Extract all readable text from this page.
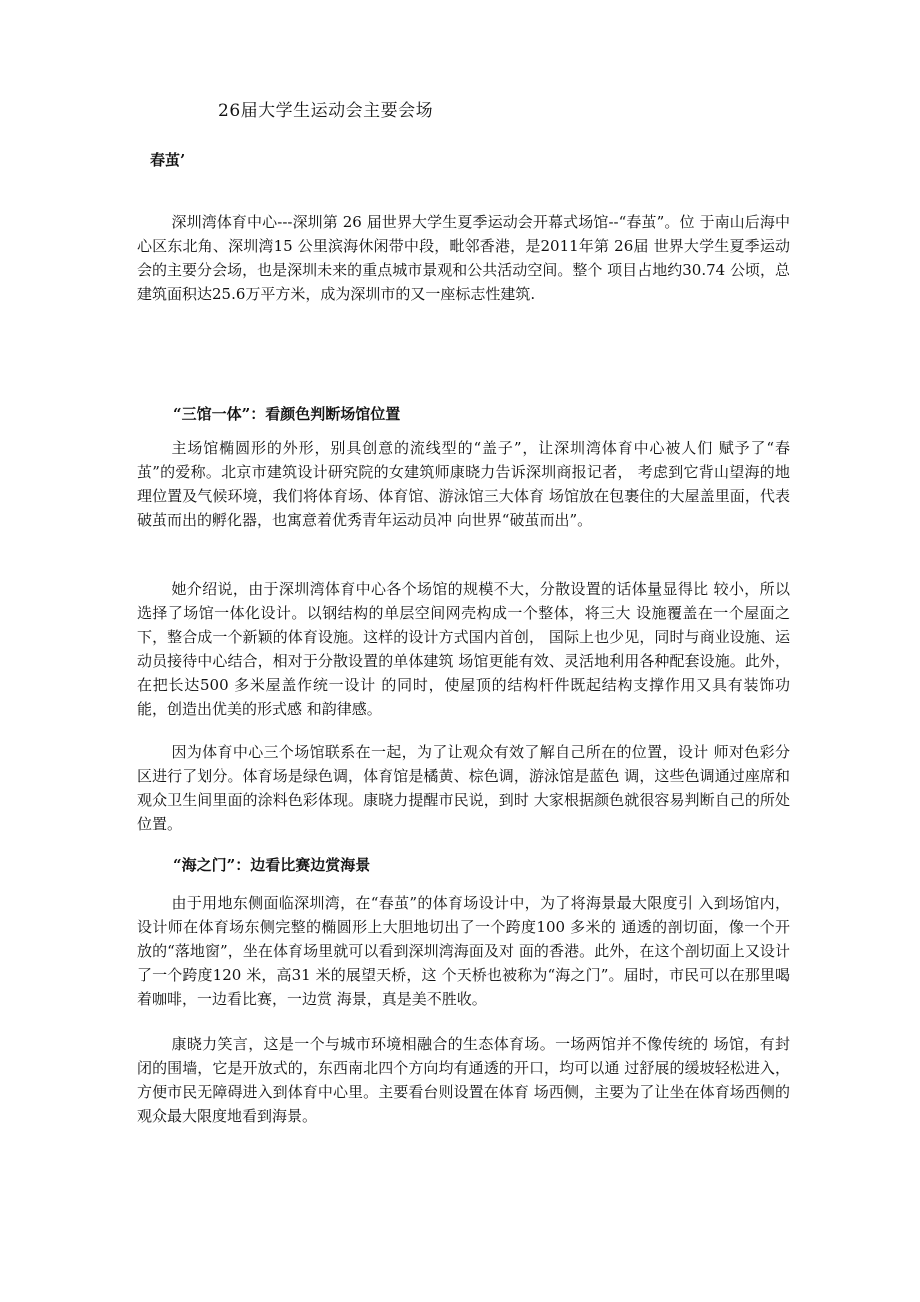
26届大学生运动会主要会场
春茧’

深圳湾体育中心---深圳第 26 届世界大学生夏季运动会开幕式场馆--“春茧”。位 于南山后海中心区东北角、深圳湾15 公里滨海休闲带中段，毗邻香港，是2011年第 26届 世界大学生夏季运动会的主要分会场，也是深圳未来的重点城市景观和公共活动空间。整个 项目占地约30.74 公顷，总建筑面积达25.6万平方米，成为深圳市的又一座标志性建筑.

“三馆一体”：看颜色判断场馆位置

主场馆椭圆形的外形，别具创意的流线型的“盖子”，让深圳湾体育中心被人们 赋予了“春茧”的爱称。北京市建筑设计研究院的女建筑师康晓力告诉深圳商报记者， 考虑到它背山望海的地理位置及气候环境，我们将体育场、体育馆、游泳馆三大体育 场馆放在包裹住的大屋盖里面，代表破茧而出的孵化器，也寓意着优秀青年运动员冲 向世界“破茧而出”。

她介绍说，由于深圳湾体育中心各个场馆的规模不大，分散设置的话体量显得比 较小，所以选择了场馆一体化设计。以钢结构的单层空间网壳构成一个整体，将三大 设施覆盖在一个屋面之下，整合成一个新颖的体育设施。这样的设计方式国内首创， 国际上也少见，同时与商业设施、运动员接待中心结合，相对于分散设置的单体建筑 场馆更能有效、灵活地利用各种配套设施。此外，在把长达500 多米屋盖作统一设计 的同时，使屋顶的结构杆件既起结构支撑作用又具有装饰功能，创造出优美的形式感 和韵律感。

因为体育中心三个场馆联系在一起，为了让观众有效了解自己所在的位置，设计 师对色彩分区进行了划分。体育场是绿色调，体育馆是橘黄、棕色调，游泳馆是蓝色 调，这些色调通过座席和观众卫生间里面的涂料色彩体现。康晓力提醒市民说，到时 大家根据颜色就很容易判断自己的所处位置。

“海之门”：边看比赛边赏海景

由于用地东侧面临深圳湾，在“春茧”的体育场设计中，为了将海景最大限度引 入到场馆内，设计师在体育场东侧完整的椭圆形上大胆地切出了一个跨度100 多米的 通透的剖切面，像一个开放的“落地窗”，坐在体育场里就可以看到深圳湾海面及对 面的香港。此外，在这个剖切面上又设计了一个跨度120 米，高31 米的展望天桥，这 个天桥也被称为“海之门”。届时，市民可以在那里喝着咖啡，一边看比赛，一边赏 海景，真是美不胜收。

康晓力笑言，这是一个与城市环境相融合的生态体育场。一场两馆并不像传统的 场馆，有封闭的围墙，它是开放式的，东西南北四个方向均有通透的开口，均可以通 过舒展的缓坡轻松进入，方便市民无障碍进入到体育中心里。主要看台则设置在体育 场西侧，主要为了让坐在体育场西侧的观众最大限度地看到海景。
